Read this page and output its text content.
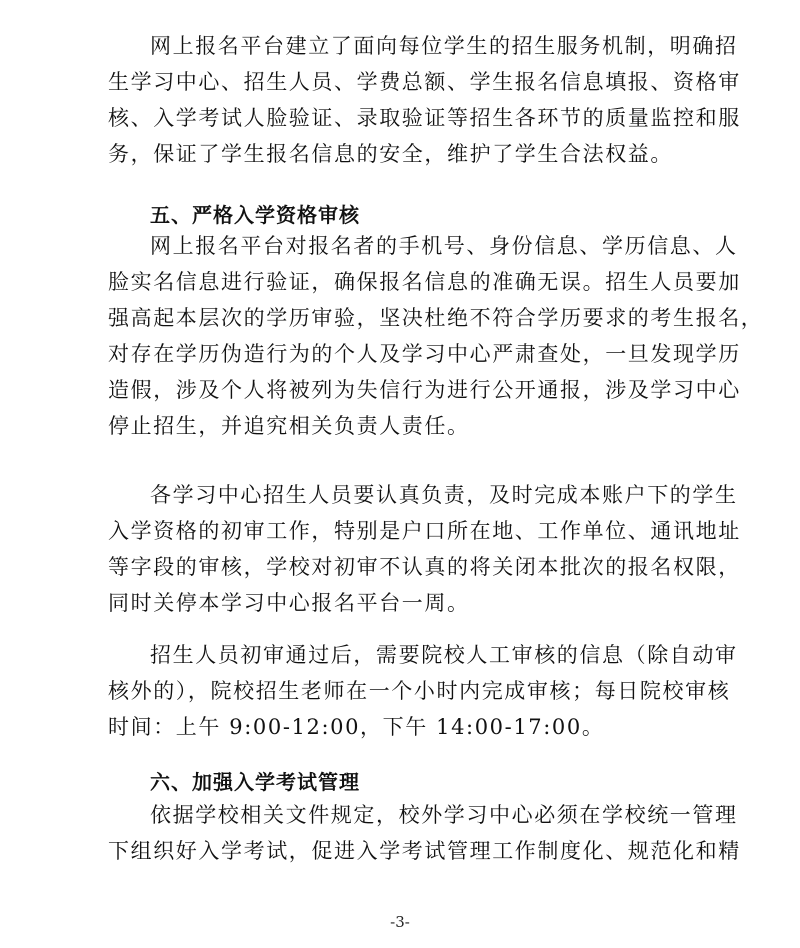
网上报名平台建立了面向每位学生的招生服务机制，明确招
生学习中心、招生人员、学费总额、学生报名信息填报、资格审
核、入学考试人脸验证、录取验证等招生各环节的质量监控和服
务，保证了学生报名信息的安全，维护了学生合法权益。
五、严格入学资格审核
网上报名平台对报名者的手机号、身份信息、学历信息、人
脸实名信息进行验证，确保报名信息的准确无误。招生人员要加
强高起本层次的学历审验，坚决杜绝不符合学历要求的考生报名，
对存在学历伪造行为的个人及学习中心严肃查处，一旦发现学历
造假，涉及个人将被列为失信行为进行公开通报，涉及学习中心
停止招生，并追究相关负责人责任。
各学习中心招生人员要认真负责，及时完成本账户下的学生
入学资格的初审工作，特别是户口所在地、工作单位、通讯地址
等字段的审核，学校对初审不认真的将关闭本批次的报名权限，
同时关停本学习中心报名平台一周。
招生人员初审通过后，需要院校人工审核的信息（除自动审
核外的），院校招生老师在一个小时内完成审核；每日院校审核
时间：上午 9:00-12:00，下午 14:00-17:00。
六、加强入学考试管理
依据学校相关文件规定，校外学习中心必须在学校统一管理
下组织好入学考试，促进入学考试管理工作制度化、规范化和精
-3-
